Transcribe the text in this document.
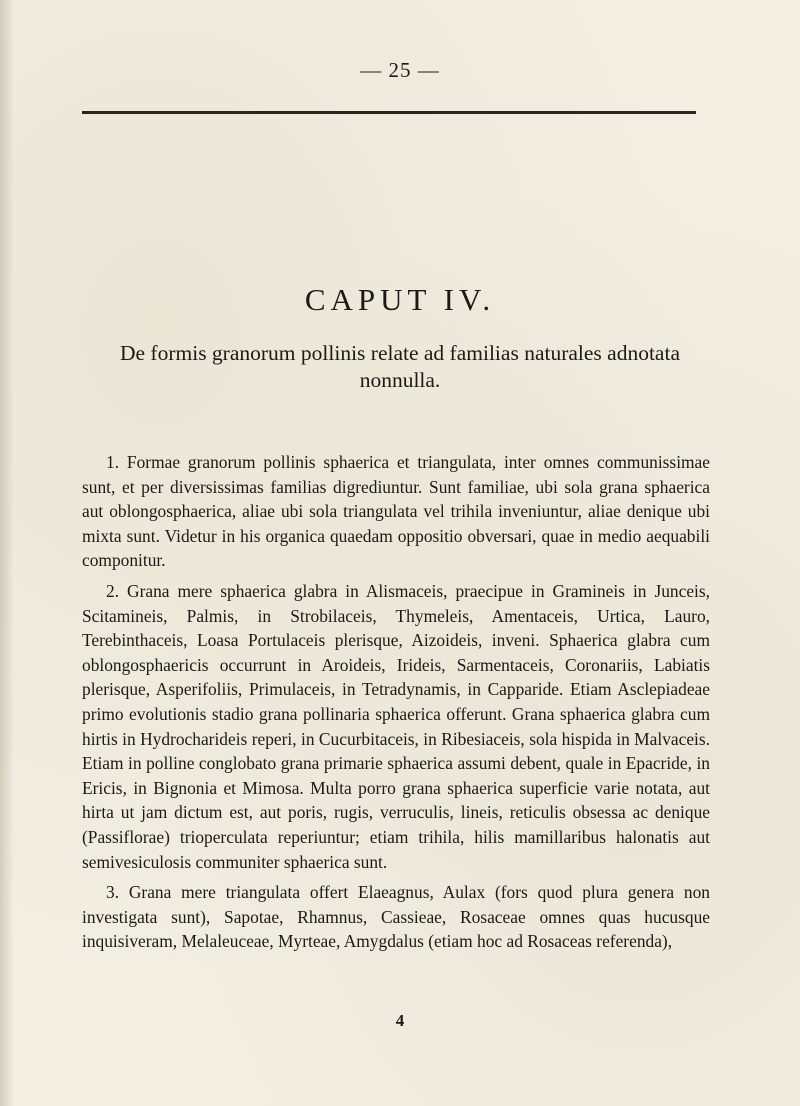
— 25 —
CAPUT IV.

De formis granorum pollinis relate ad familias naturales adnotata nonnulla.

1. Formae granorum pollinis sphaerica et triangulata, inter omnes communissimae sunt, et per diversissimas familias digrediuntur. Sunt familiae, ubi sola grana sphaerica aut oblongosphaerica, aliae ubi sola triangulata vel trihila inveniuntur, aliae denique ubi mixta sunt. Videtur in his organica quaedam oppositio obversari, quae in medio aequabili componitur.

2. Grana mere sphaerica glabra in Alismaceis, praecipue in Gramineis in Junceis, Scitamineis, Palmis, in Strobilaceis, Thymeleis, Amentaceis, Urtica, Lauro, Terebinthaceis, Loasa Portulaceis plerisque, Aizoideis, inveni. Sphaerica glabra cum oblongosphaericis occurrunt in Aroideis, Irideis, Sarmentaceis, Coronariis, Labiatis plerisque, Asperifoliis, Primulaceis, in Tetradynamis, in Capparide. Etiam Asclepiadeae primo evolutionis stadio grana pollinaria sphaerica offerunt. Grana sphaerica glabra cum hirtis in Hydrocharideis reperi, in Cucurbitaceis, in Ribesiaceis, sola hispida in Malvaceis. Etiam in polline conglobato grana primarie sphaerica assumi debent, quale in Epacride, in Ericis, in Bignonia et Mimosa. Multa porro grana sphaerica superficie varie notata, aut hirta ut jam dictum est, aut poris, rugis, verruculis, lineis, reticulis obsessa ac denique (Passiflorae) trioperculata reperiuntur; etiam trihila, hilis mamillaribus halonatis aut semivesiculosis communiter sphaerica sunt.

3. Grana mere triangulata offert Elaeagnus, Aulax (fors quod plura genera non investigata sunt), Sapotae, Rhamnus, Cassieae, Rosaceae omnes quas hucusque inquisiveram, Melaleuceae, Myrteae, Amygdalus (etiam hoc ad Rosaceas referenda),

4
